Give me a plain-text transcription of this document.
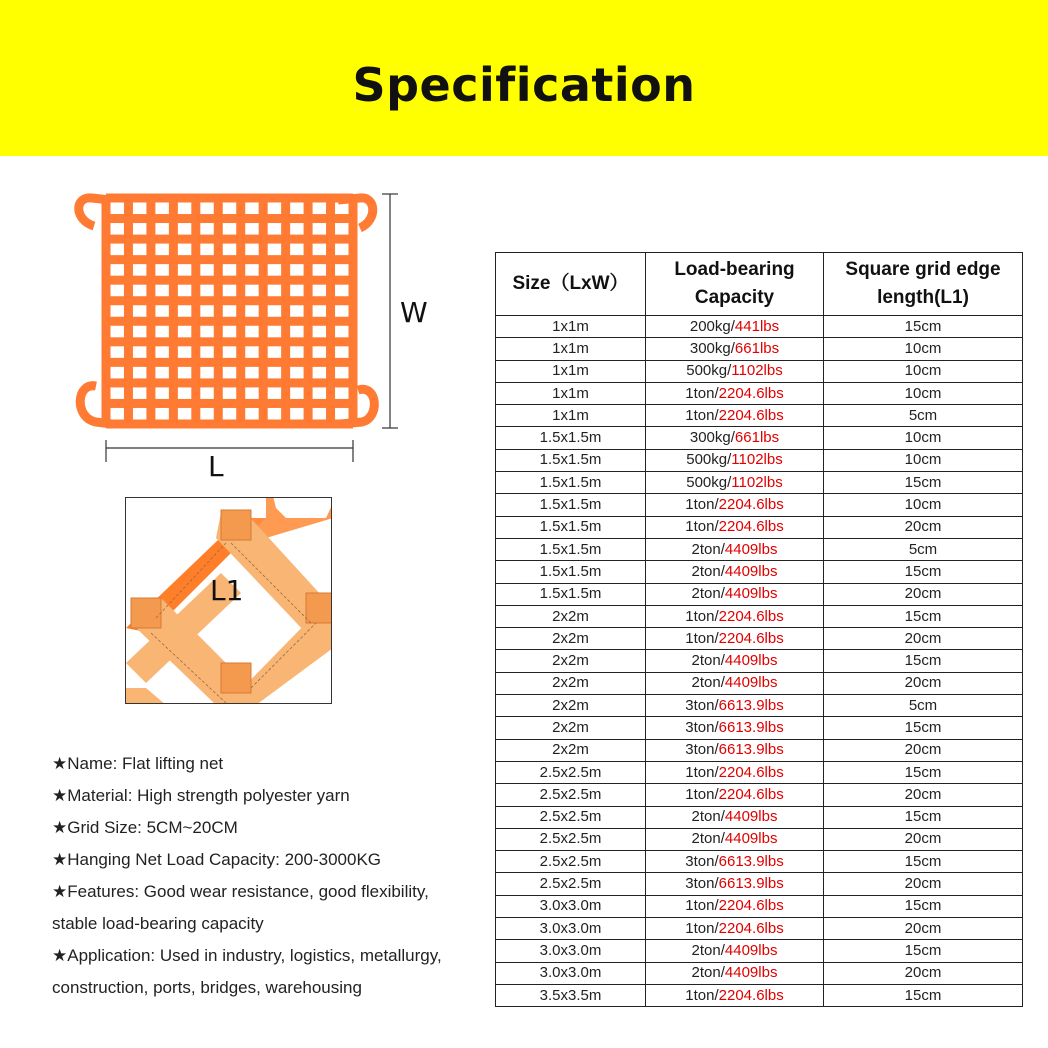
Specification
W
L
L1

★Name: Flat lifting net

★Material: High strength polyester yarn

★Grid Size: 5CM~20CM

★Hanging Net Load Capacity: 200-3000KG

★Features: Good wear resistance, good flexibility,

stable load-bearing capacity

★Application: Used in industry, logistics, metallurgy,

construction, ports, bridges, warehousing

Size（LxW）	Load-bearing Capacity	Square grid edge length(L1)
1x1m	200kg/441lbs	15cm
1x1m	300kg/661lbs	10cm
1x1m	500kg/1102lbs	10cm
1x1m	1ton/2204.6lbs	10cm
1x1m	1ton/2204.6lbs	5cm
1.5x1.5m	300kg/661lbs	10cm
1.5x1.5m	500kg/1102lbs	10cm
1.5x1.5m	500kg/1102lbs	15cm
1.5x1.5m	1ton/2204.6lbs	10cm
1.5x1.5m	1ton/2204.6lbs	20cm
1.5x1.5m	2ton/4409lbs	5cm
1.5x1.5m	2ton/4409lbs	15cm
1.5x1.5m	2ton/4409lbs	20cm
2x2m	1ton/2204.6lbs	15cm
2x2m	1ton/2204.6lbs	20cm
2x2m	2ton/4409lbs	15cm
2x2m	2ton/4409lbs	20cm
2x2m	3ton/6613.9lbs	5cm
2x2m	3ton/6613.9lbs	15cm
2x2m	3ton/6613.9lbs	20cm
2.5x2.5m	1ton/2204.6lbs	15cm
2.5x2.5m	1ton/2204.6lbs	20cm
2.5x2.5m	2ton/4409lbs	15cm
2.5x2.5m	2ton/4409lbs	20cm
2.5x2.5m	3ton/6613.9lbs	15cm
2.5x2.5m	3ton/6613.9lbs	20cm
3.0x3.0m	1ton/2204.6lbs	15cm
3.0x3.0m	1ton/2204.6lbs	20cm
3.0x3.0m	2ton/4409lbs	15cm
3.0x3.0m	2ton/4409lbs	20cm
3.5x3.5m	1ton/2204.6lbs	15cm
